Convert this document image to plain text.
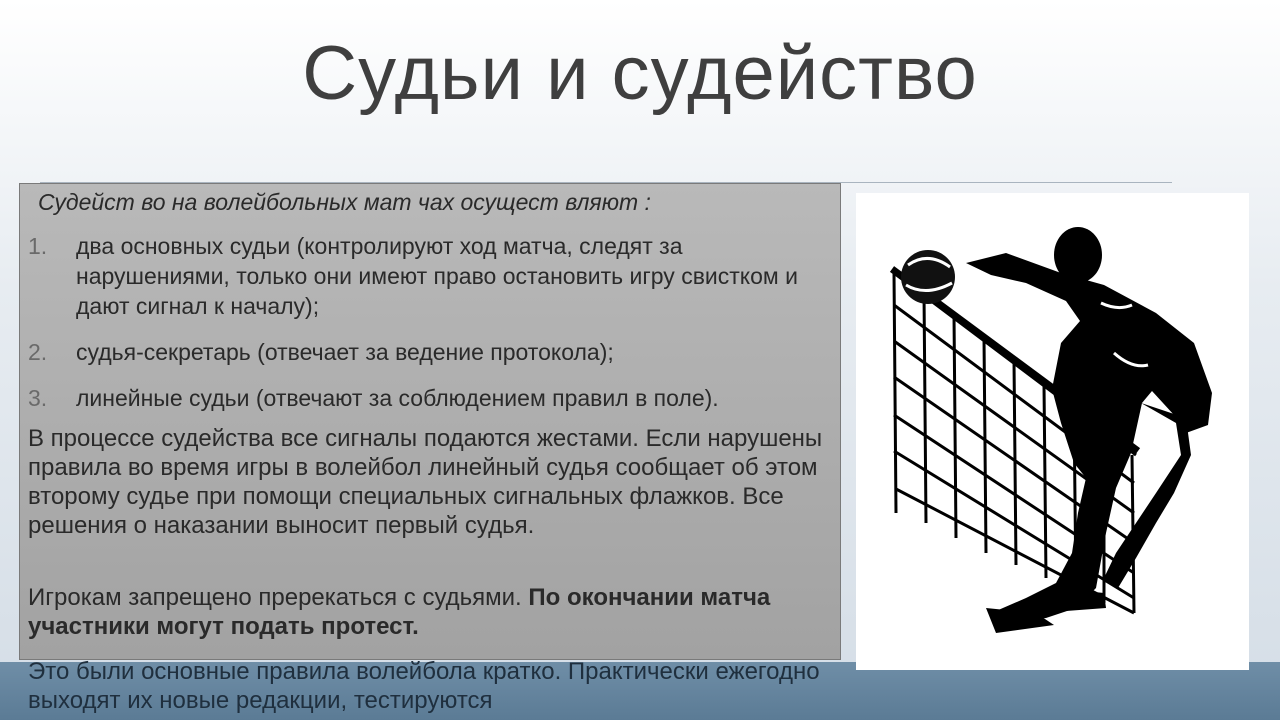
Судьи и судейство
Судейст во на волейбольных мат чах осущест вляют :
1.	два основных судьи (контролируют ход матча, следят за нарушениями, только они имеют право остановить игру свистком и дают сигнал к началу);
2.	судья-секретарь (отвечает за ведение протокола);
3.	линейные судьи (отвечают за соблюдением правил в поле).
В процессе судейства все сигналы подаются жестами. Если нарушены правила во время игры в волейбол линейный судья сообщает об этом второму судье при помощи специальных сигнальных флажков. Все решения о наказании выносит первый судья.
Игрокам запрещено пререкаться с судьями. По окончании матча участники могут подать протест.
Это были основные правила волейбола кратко. Практически ежегодно выходят их новые редакции, тестируются
